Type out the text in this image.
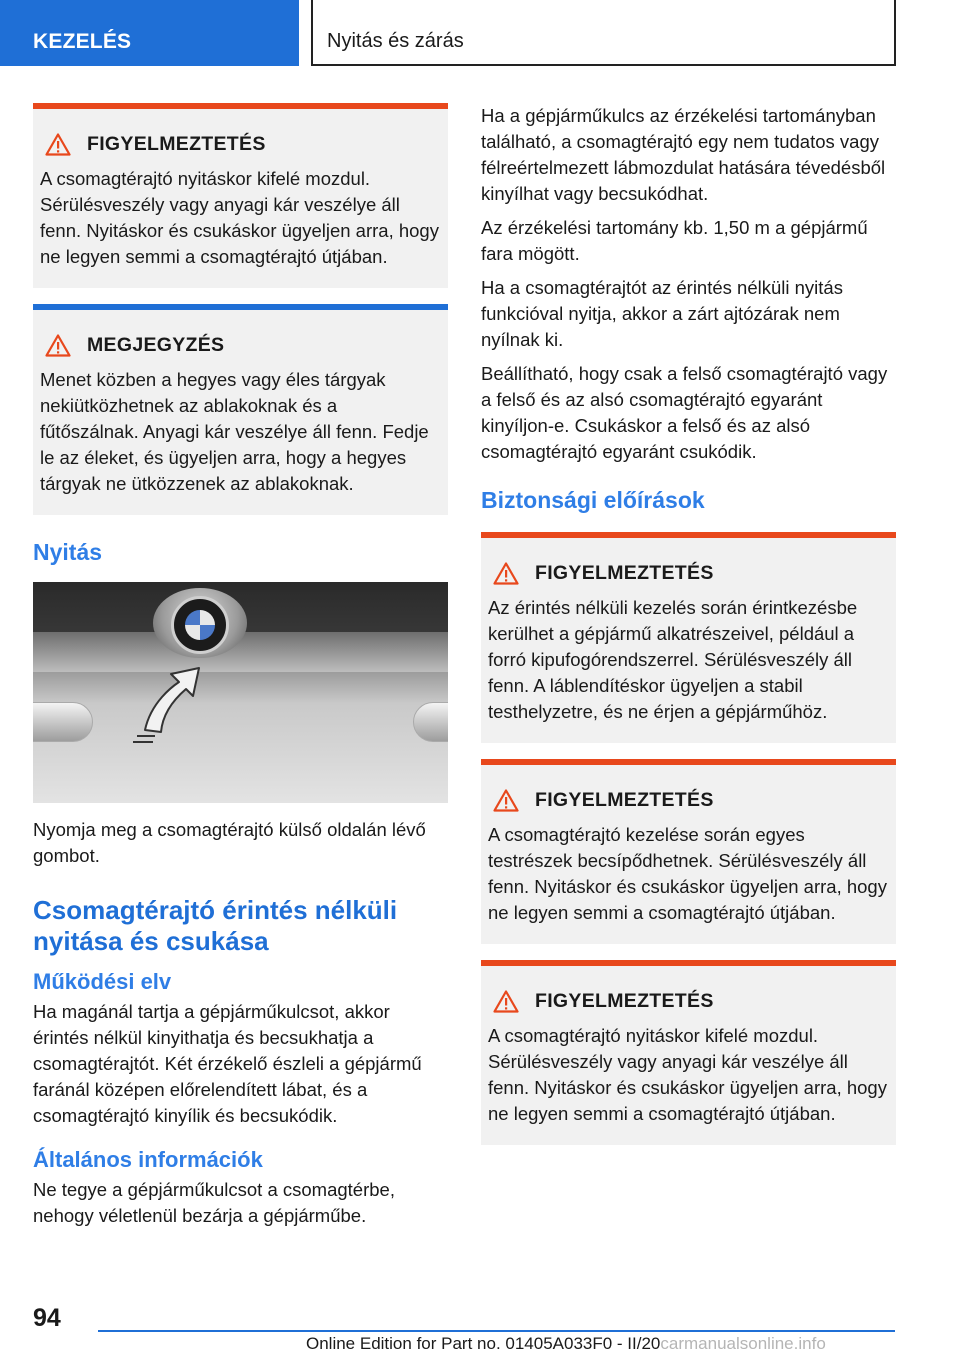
KEZELÉS	Nyitás és zárás
FIGYELMEZTETÉS
A csomagtérajtó nyitáskor kifelé mozdul. Sérülésveszély vagy anyagi kár veszélye áll fenn. Nyitáskor és csukáskor ügyeljen arra, hogy ne legyen semmi a csomagtérajtó útjában.
MEGJEGYZÉS
Menet közben a hegyes vagy éles tárgyak nekiütközhetnek az ablakoknak és a fűtőszálnak. Anyagi kár veszélye áll fenn. Fedje le az éleket, és ügyeljen arra, hogy a hegyes tárgyak ne ütközzenek az ablakoknak.
Nyitás

Nyomja meg a csomagtérajtó külső oldalán lévő gombot.

Csomagtérajtó érintés nélküli nyitása és csukása
Működési elv

Ha magánál tartja a gépjárműkulcsot, akkor érintés nélkül kinyithatja és becsukhatja a csomagtérajtót. Két érzékelő észleli a gépjármű faránál középen előrelendített lábat, és a csomagtérajtó kinyílik és becsukódik.

Általános információk

Ne tegye a gépjárműkulcsot a csomagtérbe, nehogy véletlenül bezárja a gépjárműbe.

Ha a gépjárműkulcs az érzékelési tartományban található, a csomagtérajtó egy nem tudatos vagy félreértelmezett lábmozdulat hatására tévedésből kinyílhat vagy becsukódhat.

Az érzékelési tartomány kb. 1,50 m a gépjármű fara mögött.

Ha a csomagtérajtót az érintés nélküli nyitás funkcióval nyitja, akkor a zárt ajtózárak nem nyílnak ki.

Beállítható, hogy csak a felső csomagtérajtó vagy a felső és az alsó csomagtérajtó egyaránt kinyíljon-e. Csukáskor a felső és az alsó csomagtérajtó egyaránt csukódik.

Biztonsági előírások
FIGYELMEZTETÉS
Az érintés nélküli kezelés során érintkezésbe kerülhet a gépjármű alkatrészeivel, például a forró kipufogórendszerrel. Sérülésveszély áll fenn. A láblendítéskor ügyeljen a stabil testhelyzetre, és ne érjen a gépjárműhöz.
FIGYELMEZTETÉS
A csomagtérajtó kezelése során egyes testrészek becsípődhetnek. Sérülésveszély áll fenn. Nyitáskor és csukáskor ügyeljen arra, hogy ne legyen semmi a csomagtérajtó útjában.
FIGYELMEZTETÉS
A csomagtérajtó nyitáskor kifelé mozdul. Sérülésveszély vagy anyagi kár veszélye áll fenn. Nyitáskor és csukáskor ügyeljen arra, hogy ne legyen semmi a csomagtérajtó útjában.
94
Online Edition for Part no. 01405A033F0 - II/20carmanualsonline.info
